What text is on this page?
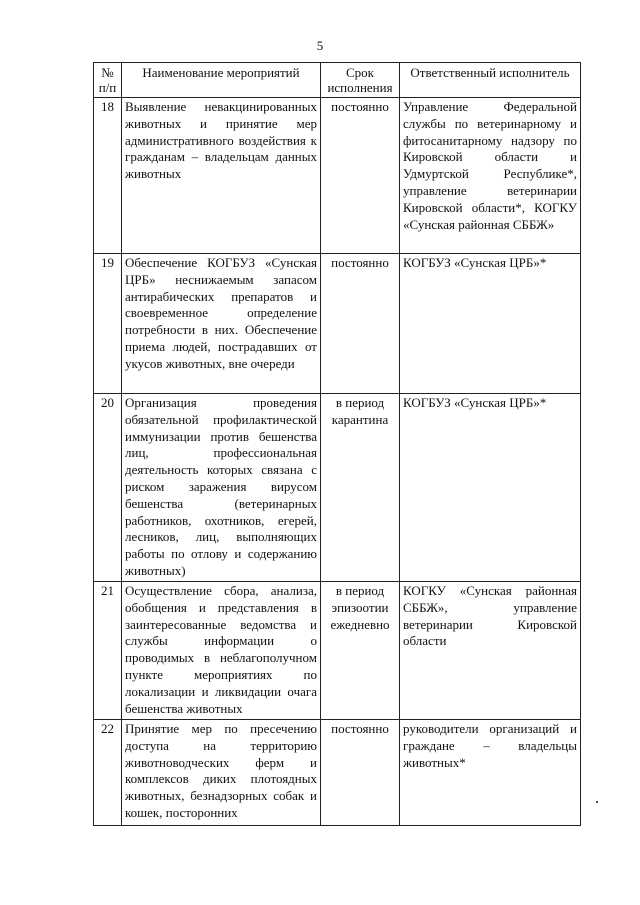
5
№ п/п	Наименование мероприятий	Срок исполнения	Ответственный исполнитель
18	Выявление невакцинированных животных и принятие мер административного воздействия к гражданам – владельцам данных животных	постоянно	Управление Федеральной службы по ветеринарному и фитосанитарному надзору по Кировской области и Удмуртской Республике*, управление ветеринарии Кировской области*, КОГКУ «Сунская районная СББЖ»
19	Обеспечение КОГБУЗ «Сунская ЦРБ» неснижаемым запасом антирабических препаратов и своевременное определение потребности в них. Обеспечение приема людей, пострадавших от укусов животных, вне очереди	постоянно	КОГБУЗ «Сунская ЦРБ»*
20	Организация проведения обязательной профилактической иммунизации против бешенства лиц, профессиональная деятельность которых связана с риском заражения вирусом бешенства (ветеринарных работников, охотников, егерей, лесников, лиц, выполняющих работы по отлову и содержанию животных)	в период карантина	КОГБУЗ «Сунская ЦРБ»*
21	Осуществление сбора, анализа, обобщения и представления в заинтересованные ведомства и службы информации о проводимых в неблагополучном пункте мероприятиях по локализации и ликвидации очага бешенства животных	в период эпизоотии ежедневно	КОГКУ «Сунская районная СББЖ», управление ветеринарии Кировской области
22	Принятие мер по пресечению доступа на территорию животноводческих ферм и комплексов диких плотоядных животных, безнадзорных собак и кошек, посторонних	постоянно	руководители организаций и граждане – владельцы животных*
